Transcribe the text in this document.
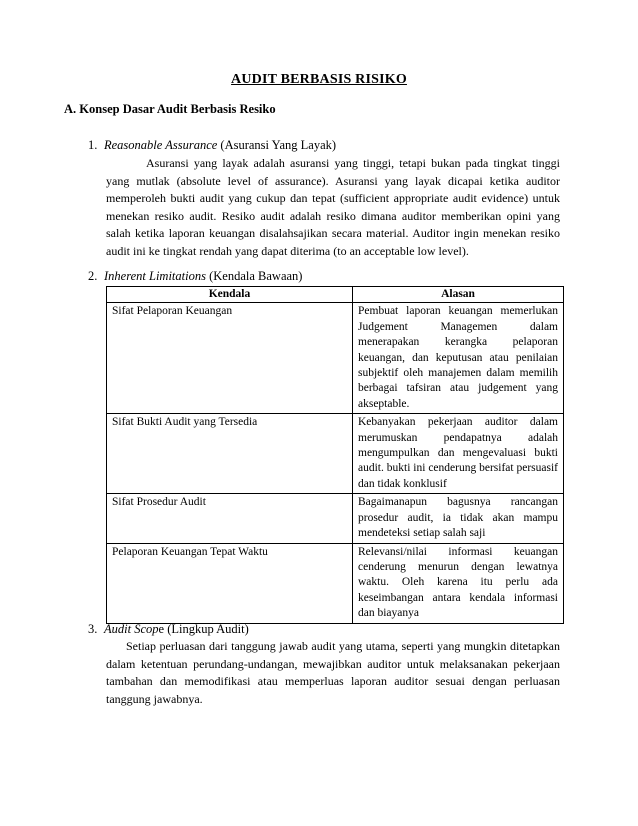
AUDIT BERBASIS RISIKO
A. Konsep Dasar Audit Berbasis Resiko
1. Reasonable Assurance (Asuransi Yang Layak)
Asuransi yang layak adalah asuransi yang tinggi, tetapi bukan pada tingkat tinggi yang mutlak (absolute level of assurance). Asuransi yang layak dicapai ketika auditor memperoleh bukti audit yang cukup dan tepat (sufficient appropriate audit evidence) untuk menekan resiko audit. Resiko audit adalah resiko dimana auditor memberikan opini yang salah ketika laporan keuangan disalahsajikan secara material. Auditor ingin menekan resiko audit ini ke tingkat rendah yang dapat diterima (to an acceptable low level).
2. Inherent Limitations (Kendala Bawaan)
Kendala	Alasan
Sifat Pelaporan Keuangan	Pembuat laporan keuangan memerlukan Judgement Managemen dalam menerapakan kerangka pelaporan keuangan, dan keputusan atau penilaian subjektif oleh manajemen dalam memilih berbagai tafsiran atau judgement yang akseptable.
Sifat Bukti Audit yang Tersedia	Kebanyakan pekerjaan auditor dalam merumuskan pendapatnya adalah mengumpulkan dan mengevaluasi bukti audit. bukti ini cenderung bersifat persuasif dan tidak konklusif
Sifat Prosedur Audit	Bagaimanapun bagusnya rancangan prosedur audit, ia tidak akan mampu mendeteksi setiap salah saji
Pelaporan Keuangan Tepat Waktu	Relevansi/nilai informasi keuangan cenderung menurun dengan lewatnya waktu. Oleh karena itu perlu ada keseimbangan antara kendala informasi dan biayanya
3. Audit Scope (Lingkup Audit)
Setiap perluasan dari tanggung jawab audit yang utama, seperti yang mungkin ditetapkan dalam ketentuan perundang-undangan, mewajibkan auditor untuk melaksanakan pekerjaan tambahan dan memodifikasi atau memperluas laporan auditor sesuai dengan perluasan tanggung jawabnya.
